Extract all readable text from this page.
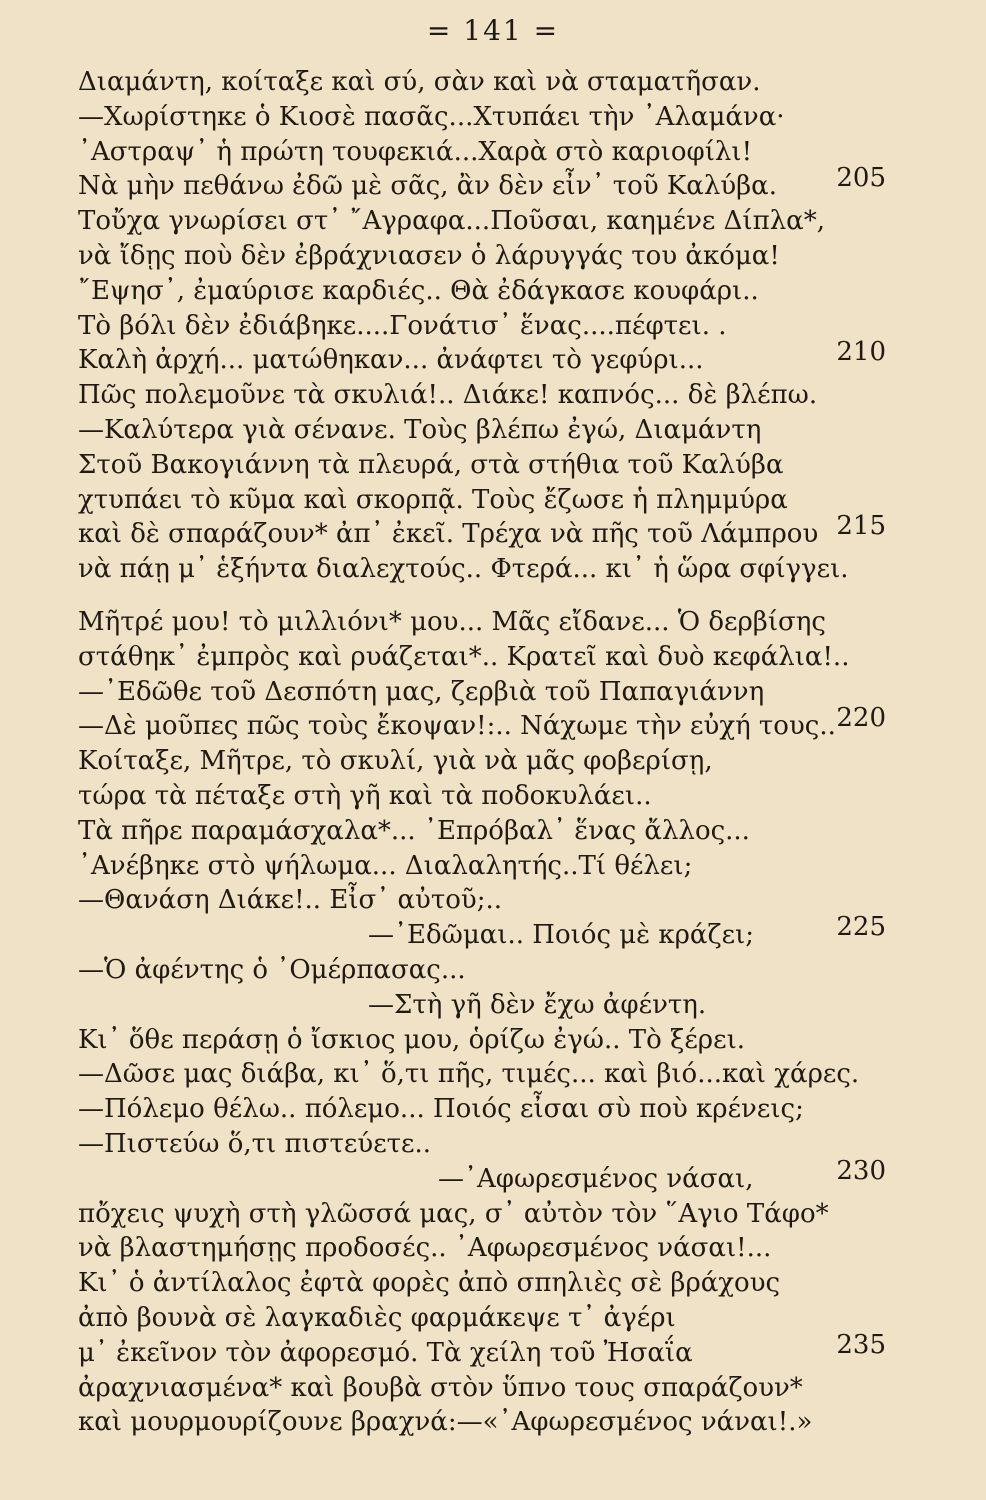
= 141 =
Διαμάντη, κοίταξε καὶ σύ, σὰν καὶ νὰ σταματῆσαν.
—Χωρίστηκε ὁ Κιοσὲ πασᾶς...Χτυπάει τὴν ᾿Αλαμάνα·
᾿Αστραψ᾿ ἡ πρώτη τουφεκιά...Χαρὰ στὸ καριοφίλι!
Νὰ μὴν πεθάνω ἐδῶ μὲ σᾶς, ἂν δὲν εἶν᾿ τοῦ Καλύβα. 205
Τοὔχα γνωρίσει στ᾿ ῎Αγραφα...Ποῦσαι, καημένε Δίπλα*,
νὰ ἴδῃς ποὺ δὲν ἐβράχνιασεν ὁ λάρυγγάς του ἀκόμα!
῎Εψησ᾿, ἐμαύρισε καρδιές.. Θὰ ἐδάγκασε κουφάρι..
Τὸ βόλι δὲν ἐδιάβηκε....Γονάτισ᾿ ἕνας....πέφτει. .
Καλὴ ἀρχή... ματώθηκαν... ἀνάφτει τὸ γεφύρι...	210
Πῶς πολεμοῦνε τὰ σκυλιά!.. Διάκε! καπνός... δὲ βλέπω.
—Καλύτερα γιὰ σένανε. Τοὺς βλέπω ἐγώ, Διαμάντη
Στοῦ Βακογιάννη τὰ πλευρά, στὰ στήθια τοῦ Καλύβα
χτυπάει τὸ κῦμα καὶ σκορπᾷ. Τοὺς ἔζωσε ἡ πλημμύρα
καὶ δὲ σπαράζουν* ἀπ᾿ ἐκεῖ. Τρέχα νὰ πῆς τοῦ Λάμπρου 215
νὰ πάῃ μ᾿ ἑξήντα διαλεχτούς.. Φτερά... κι᾿ ἡ ὥρα σφίγγει.
Μῆτρέ μου! τὸ μιλλιόνι* μου... Μᾶς εἴδανε... Ὁ δερβίσης
στάθηκ᾿ ἐμπρὸς καὶ ρυάζεται*.. Κρατεῖ καὶ δυὸ κεφάλια!..
—᾿Εδῶθε τοῦ Δεσπότη μας, ζερβιὰ τοῦ Παπαγιάννη
—Δὲ μοῦπες πῶς τοὺς ἔκοψαν!:.. Νάχωμε τὴν εὐχή τους.. 220
Κοίταξε, Μῆτρε, τὸ σκυλί, γιὰ νὰ μᾶς φοβερίσῃ,
τώρα τὰ πέταξε στὴ γῆ καὶ τὰ ποδοκυλάει..
Τὰ πῆρε παραμάσχαλα*... ᾿Επρόβαλ᾿ ἕνας ἄλλος...
᾿Ανέβηκε στὸ ψήλωμα... Διαλαλητής..Τί θέλει;
—Θανάση Διάκε!.. Εἶσ᾿ αὐτοῦ;..
—᾿Εδῶμαι.. Ποιός μὲ κράζει;	225
—Ὁ ἀφέντης ὁ ᾿Ομέρπασας...
—Στὴ γῆ δὲν ἔχω ἀφέντη.
Κι᾿ ὅθε περάσῃ ὁ ἴσκιος μου, ὁρίζω ἐγώ.. Τὸ ξέρει.
—Δῶσε μας διάβα, κι᾿ ὅ,τι πῆς, τιμές... καὶ βιό...καὶ χάρες.
—Πόλεμο θέλω.. πόλεμο... Ποιός εἶσαι σὺ ποὺ κρένεις;
—Πιστεύω ὅ,τι πιστεύετε..
—᾿Αφωρεσμένος νάσαι,	230
πὄχεις ψυχὴ στὴ γλῶσσά μας, σ᾿ αὐτὸν τὸν ῞Αγιο Τάφο*
νὰ βλαστημήσῃς προδοσές.. ᾿Αφωρεσμένος νάσαι!...
Κι᾿ ὁ ἀντίλαλος ἐφτὰ φορὲς ἀπὸ σπηλιὲς σὲ βράχους
ἀπὸ βουνὰ σὲ λαγκαδιὲς φαρμάκεψε τ᾿ ἀγέρι
μ᾿ ἐκεῖνον τὸν ἀφορεσμό. Τὰ χείλη τοῦ Ἠσαΐα	235
ἀραχνιασμένα* καὶ βουβὰ στὸν ὕπνο τους σπαράζουν*
καὶ μουρμουρίζουνε βραχνά:—«᾿Αφωρεσμένος νάναι!.»
